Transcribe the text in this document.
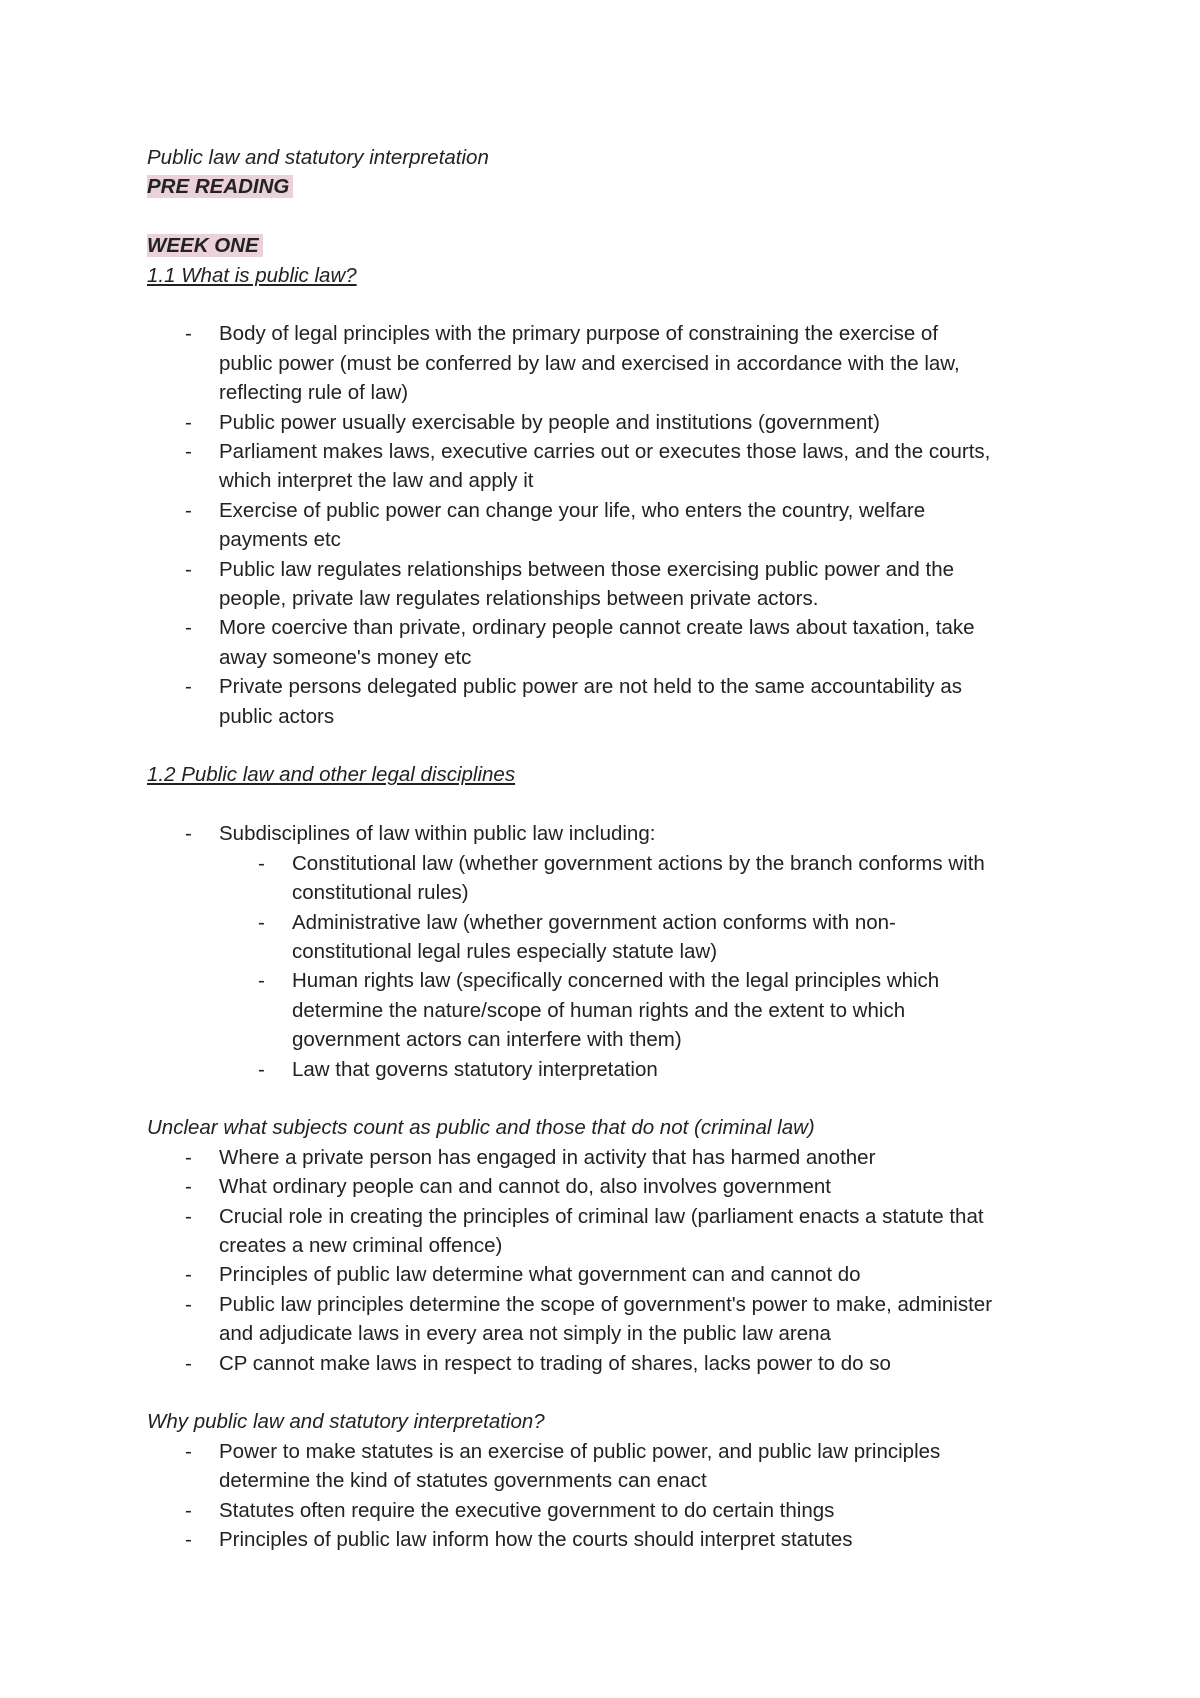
Public law and statutory interpretation
PRE READING
WEEK ONE
1.1 What is public law?
- Body of legal principles with the primary purpose of constraining the exercise of
public power (must be conferred by law and exercised in accordance with the law,
reflecting rule of law)
- Public power usually exercisable by people and institutions (government)
- Parliament makes laws, executive carries out or executes those laws, and the courts,
which interpret the law and apply it
- Exercise of public power can change your life, who enters the country, welfare
payments etc
- Public law regulates relationships between those exercising public power and the
people, private law regulates relationships between private actors.
- More coercive than private, ordinary people cannot create laws about taxation, take
away someone's money etc
- Private persons delegated public power are not held to the same accountability as
public actors
1.2 Public law and other legal disciplines
- Subdisciplines of law within public law including:
- Constitutional law (whether government actions by the branch conforms with
constitutional rules)
- Administrative law (whether government action conforms with non-
constitutional legal rules especially statute law)
- Human rights law (specifically concerned with the legal principles which
determine the nature/scope of human rights and the extent to which
government actors can interfere with them)
- Law that governs statutory interpretation
Unclear what subjects count as public and those that do not (criminal law)
- Where a private person has engaged in activity that has harmed another
- What ordinary people can and cannot do, also involves government
- Crucial role in creating the principles of criminal law (parliament enacts a statute that
creates a new criminal offence)
- Principles of public law determine what government can and cannot do
- Public law principles determine the scope of government's power to make, administer
and adjudicate laws in every area not simply in the public law arena
- CP cannot make laws in respect to trading of shares, lacks power to do so
Why public law and statutory interpretation?
- Power to make statutes is an exercise of public power, and public law principles
determine the kind of statutes governments can enact
- Statutes often require the executive government to do certain things
- Principles of public law inform how the courts should interpret statutes
